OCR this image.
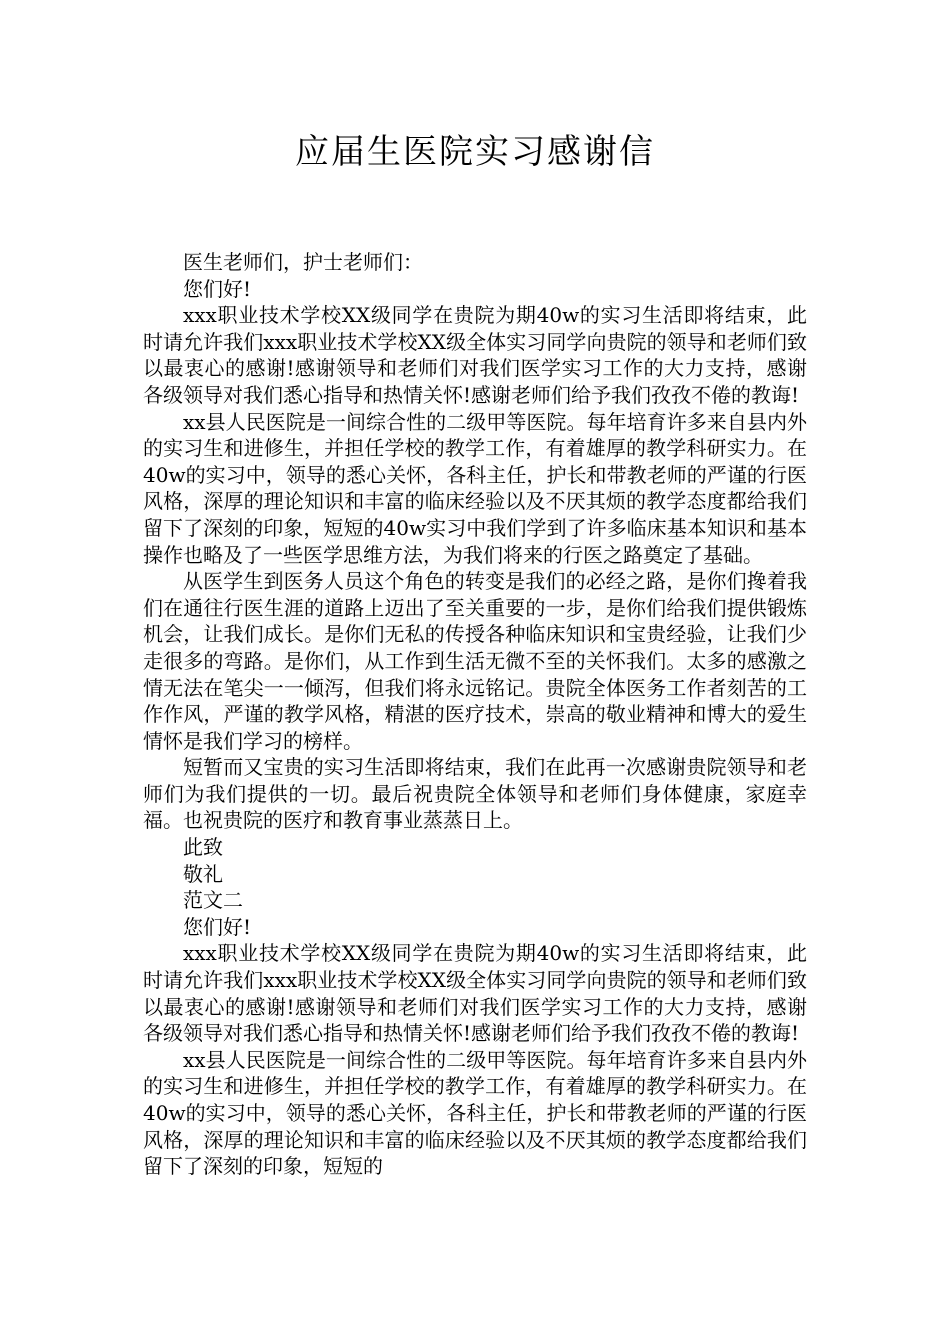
应届生医院实习感谢信

医生老师们，护士老师们：

您们好!

xxx职业技术学校XX级同学在贵院为期40w的实习生活即将结束，此时请允许我们xxx职业技术学校XX级全体实习同学向贵院的领导和老师们致以最衷心的感谢!感谢领导和老师们对我们医学实习工作的大力支持，感谢各级领导对我们悉心指导和热情关怀!感谢老师们给予我们孜孜不倦的教诲!

xx县人民医院是一间综合性的二级甲等医院。每年培育许多来自县内外的实习生和进修生，并担任学校的教学工作，有着雄厚的教学科研实力。在40w的实习中，领导的悉心关怀，各科主任，护长和带教老师的严谨的行医风格，深厚的理论知识和丰富的临床经验以及不厌其烦的教学态度都给我们留下了深刻的印象，短短的40w实习中我们学到了许多临床基本知识和基本操作也略及了一些医学思维方法，为我们将来的行医之路奠定了基础。

从医学生到医务人员这个角色的转变是我们的必经之路，是你们搀着我们在通往行医生涯的道路上迈出了至关重要的一步，是你们给我们提供锻炼机会，让我们成长。是你们无私的传授各种临床知识和宝贵经验，让我们少走很多的弯路。是你们，从工作到生活无微不至的关怀我们。太多的感激之情无法在笔尖一一倾泻，但我们将永远铭记。贵院全体医务工作者刻苦的工作作风，严谨的教学风格，精湛的医疗技术，崇高的敬业精神和博大的爱生情怀是我们学习的榜样。

短暂而又宝贵的实习生活即将结束，我们在此再一次感谢贵院领导和老师们为我们提供的一切。最后祝贵院全体领导和老师们身体健康，家庭幸福。也祝贵院的医疗和教育事业蒸蒸日上。

此致

敬礼

范文二

您们好!

xxx职业技术学校XX级同学在贵院为期40w的实习生活即将结束，此时请允许我们xxx职业技术学校XX级全体实习同学向贵院的领导和老师们致以最衷心的感谢!感谢领导和老师们对我们医学实习工作的大力支持，感谢各级领导对我们悉心指导和热情关怀!感谢老师们给予我们孜孜不倦的教诲!

xx县人民医院是一间综合性的二级甲等医院。每年培育许多来自县内外的实习生和进修生，并担任学校的教学工作，有着雄厚的教学科研实力。在40w的实习中，领导的悉心关怀，各科主任，护长和带教老师的严谨的行医风格，深厚的理论知识和丰富的临床经验以及不厌其烦的教学态度都给我们留下了深刻的印象，短短的
